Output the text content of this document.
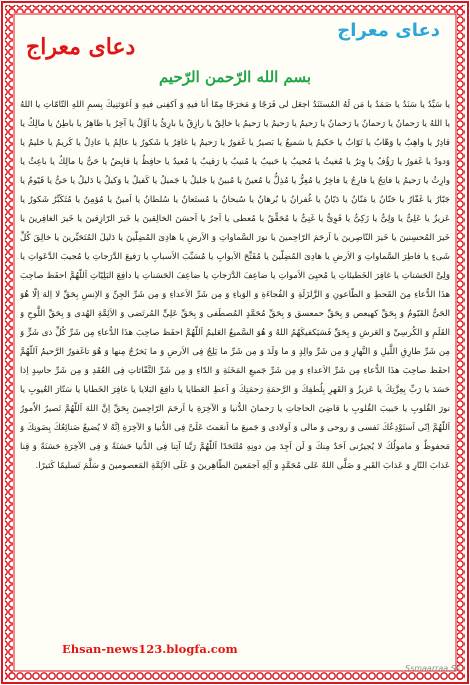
دعای معراج
دعای معراج
بسم الله الرّحمن الرّحيم
يا سَيِّدُ يا سَنَدُ يا صَمَدُ يا مَن لَهُ المُستَنَدُ اجعَل لى فَرَجًا وَ مَخرَجًا مِمّا أنا فيهِ وَ اَكفِنى فيهِ وَ اَغوَثنِيكَ بِسمِ اللهِ التّامّاتِ يا اللهُ يا اللهُ يا رَحمانُ يا رَحمانُ يا رَحمانُ يا رَحيمُ يا رَحيمُ يا رَحيمُ يا خالِقُ يا رازِقُ يا بارِئُ يا اَوَّلُ يا آخِرُ يا ظاهِرُ يا باطِنُ يا مالِكُ يا قادِرُ يا واهِبُ يا وَهّابُ يا تَوّابُ يا حَكيمُ يا سَميعُ يا بَصيرُ يا غَفورُ يا رَحيمُ يا غافِرُ يا شَكورُ يا عالِمُ يا عادِلُ يا كَريمُ يا حَليمُ يا وَدودُ يا غَفورُ يا رَؤُفُ يا وِترُ يا مُغيثُ يا مُجيبُ يا حَبيبُ يا مُنيبُ يا رَقيبُ يا مُعيدُ يا حافِظُ يا قابِضُ يا حَىُّ يا مالِكُ يا باعِثُ يا وارِثُ يا رَحيمُ يا فاتِحُ يا فارِجُ يا فاخِرُ يا مُعِزُّ يا مُذِلُّ يا مُعينُ يا مُبينُ يا جَليلُ يا جَميلُ يا كَفيلُ يا وَكيلُ يا دَليلُ يا حَىُّ يا قَيّومُ يا جَبّارُ يا غَفّارُ يا حَنّانُ يا مَنّانُ يا دَيّانُ يا غُفرانُ يا بُرهانُ يا سُبحانُ يا مُستَعانُ يا سُلطانُ يا اَمينُ يا مُؤمِنُ يا مُتَكَبِّرُ شَكورُ يا عَزيزُ يا عَلِىُّ يا وَلِىُّ يا زَكِىُّ يا قَوِىُّ يا غَنِىُّ يا مُحَقِّقُ يا مُعطى يا اَجرُ يا اَحسَنَ الخالِقينَ يا خَيرَ الرّازِقينَ يا خَيرَ الغافِرينَ يا خَيرَ المُحسِنينَ يا خَيرَ النّاصِرينَ يا اَرحَمَ الرّاحِمينَ يا نورَ السَّماواتِ وَ الاَرضِ يا هادِىَ المُضِلّينَ يا دَليلَ المُتَحَيِّرينَ يا خالِقَ كُلِّ شَىءٍ يا فاطِرَ السَّماواتِ وَ الاَرضِ يا هادِىَ المُضِلّينَ يا مُفَتِّحَ الاَبوابِ يا مُسَبِّبَ الاَسبابِ يا رَفيعَ الدَّرَجاتِ يا مُجيبَ الدَّعَواتِ يا وَلِىَّ الحَسَناتِ يا غافِرَ الخَطيئاتِ يا مُحيِىَ الاَمواتِ يا ضاعِفَ الدَّرَجاتِ يا ضاعِفَ الحَسَناتِ يا دافِعَ البَلِيّاتِ اَللّهُمَّ احفَظ صاحِبَ هذَا الدُّعاءِ مِنَ القَحطِ وَ الطّاعونِ وَ الزَّلزَلَةِ وَ الفُجاءَةِ وَ الوَباءِ وَ مِن شَرِّ الاَعداءِ وَ مِن شَرِّ الجِنِّ وَ الاِنسِ بِحَقِّ لا اِلهَ اِلّا هُوَ الحَىُّ القَيّومُ وَ بِحَقِّ كهيعص وَ بِحَقِّ حمعسق وَ بِحَقِّ مُحَمَّدٍ المُصطَفى وَ بِحَقِّ عَلِىٍّ المُرتَضى وَ الاَئِمَّةِ الهُدى وَ بِحَقِّ اللَّوحِ وَ القَلَمِ وَ الكُرسِىِّ وَ العَرشِ وَ بِحَقِّ فَسَيَكفيكَهُمُ اللهُ وَ هُوَ السَّميعُ العَليمُ اَللّهُمَّ احفَظ صاحِبَ هذَا الدُّعاءِ مِن شَرِّ كُلِّ ذى شَرٍّ وَ مِن شَرِّ طارِقِ اللَّيلِ وَ النَّهارِ وَ مِن شَرِّ والِدٍ وَ ما وَلَدَ وَ مِن شَرِّ ما يَلِجُ فِى الاَرضِ وَ ما يَخرُجُ مِنها وَ هُوَ تاغَفورُ الرَّحيمُ اَللّهُمَّ احفَظ صاحِبَ هذَا الدُّعاءِ مِن شَرِّ الاَعداءِ وَ مِن شَرِّ جَميعِ المَخَنَةِ وَ الدّاءِ وَ مِن شَرِّ النَّفّاثاتِ فِى العُقَدِ وَ مِن شَرِّ حاسِدٍ اِذا حَسَدَ يا رَبِّ بِعِزَّتِكَ يا عَزيزُ وَ القَهرِ بِلُطفِكَ وَ الرَّحمَةِ رَحمَتِكَ وَ اَعطِ العَطايا يا دافِعَ البَلايا يا غافِرَ الخَطايا يا سَتّارَ العُيوبِ يا نورَ القُلوبِ يا حَبيبَ القُلوبِ يا قاضِىَ الحاجاتِ يا رَحمانَ الدُّنيا وَ الآخِرَةِ يا اَرحَمَ الرّاحِمينَ بِحَقِّ اِنَّ اللهَ اَللّهُمَّ تَصيرُ الاُمورُ اَللّهُمَّ اِنّى اَستَوْدِعُكَ نَفسى وَ روحى وَ مالى وَ اَولادى وَ جَميعَ ما اَنعَمتَ عَلَىَّ فِى الدُّنيا وَ الآخِرَةِ اِنَّهُ لا يُضيعُ صَنائِعُكَ بِصَونِكَ وَ مَحفوظٌ وَ مامولُكَ لا يُجيرُنى اَحَدٌ مِنكَ وَ لَن اَجِدَ مِن دونِهِ مُلتَحَدًا اَللّهُمَّ رَبَّنا آتِنا فِى الدُّنيا حَسَنَةً وَ فِى الآخِرَةِ حَسَنَةً وَ قِنا عَذابَ النّارِ وَ عَذابَ القَبرِ وَ صَلَّى اللهُ عَلى مُحَمَّدٍ وَ آلِهِ اَجمَعينَ الطّاهِرينَ وَ عَلَى الاَئِمَّةِ المَعصومينَ وَ سَلَّمَ تَسليمًا كَثيرًا.
Ehsan-news123.blogfa.com
Ssmaarraa.Ss
